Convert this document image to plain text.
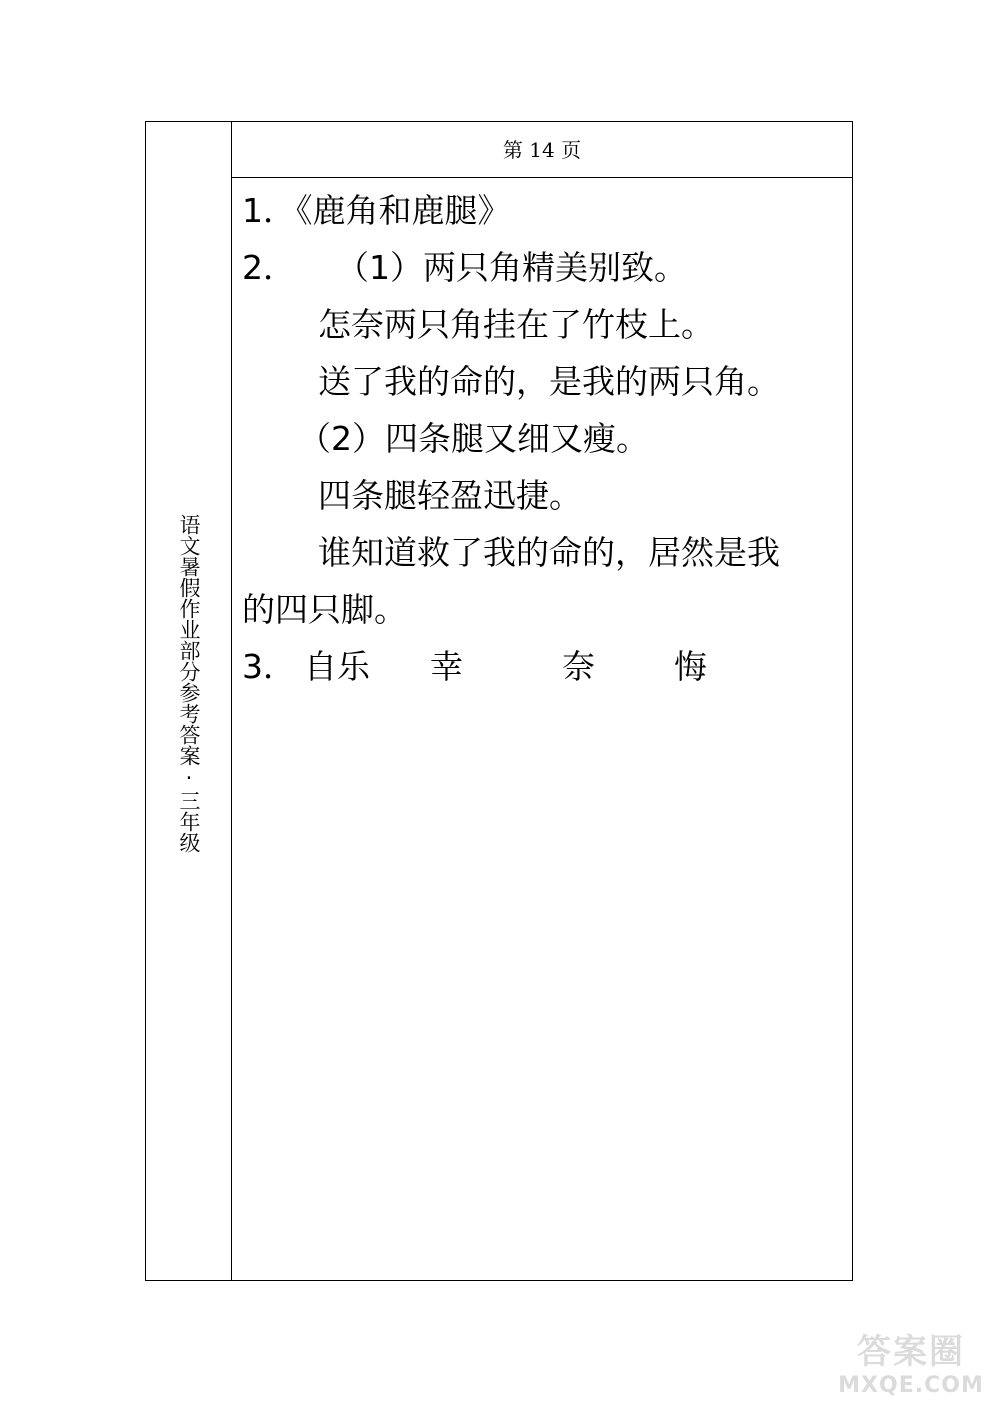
语文暑假作业部分参考答案·三年级
第 14 页
1．《鹿角和鹿腿》
2． （1）两只角精美别致。
怎奈两只角挂在了竹枝上。
送了我的命的，是我的两只角。
（2）四条腿又细又瘦。
四条腿轻盈迅捷。
谁知道救了我的命的，居然是我
的四只脚。
3． 自乐 幸	奈 悔
答案圈
MXQE.COM
